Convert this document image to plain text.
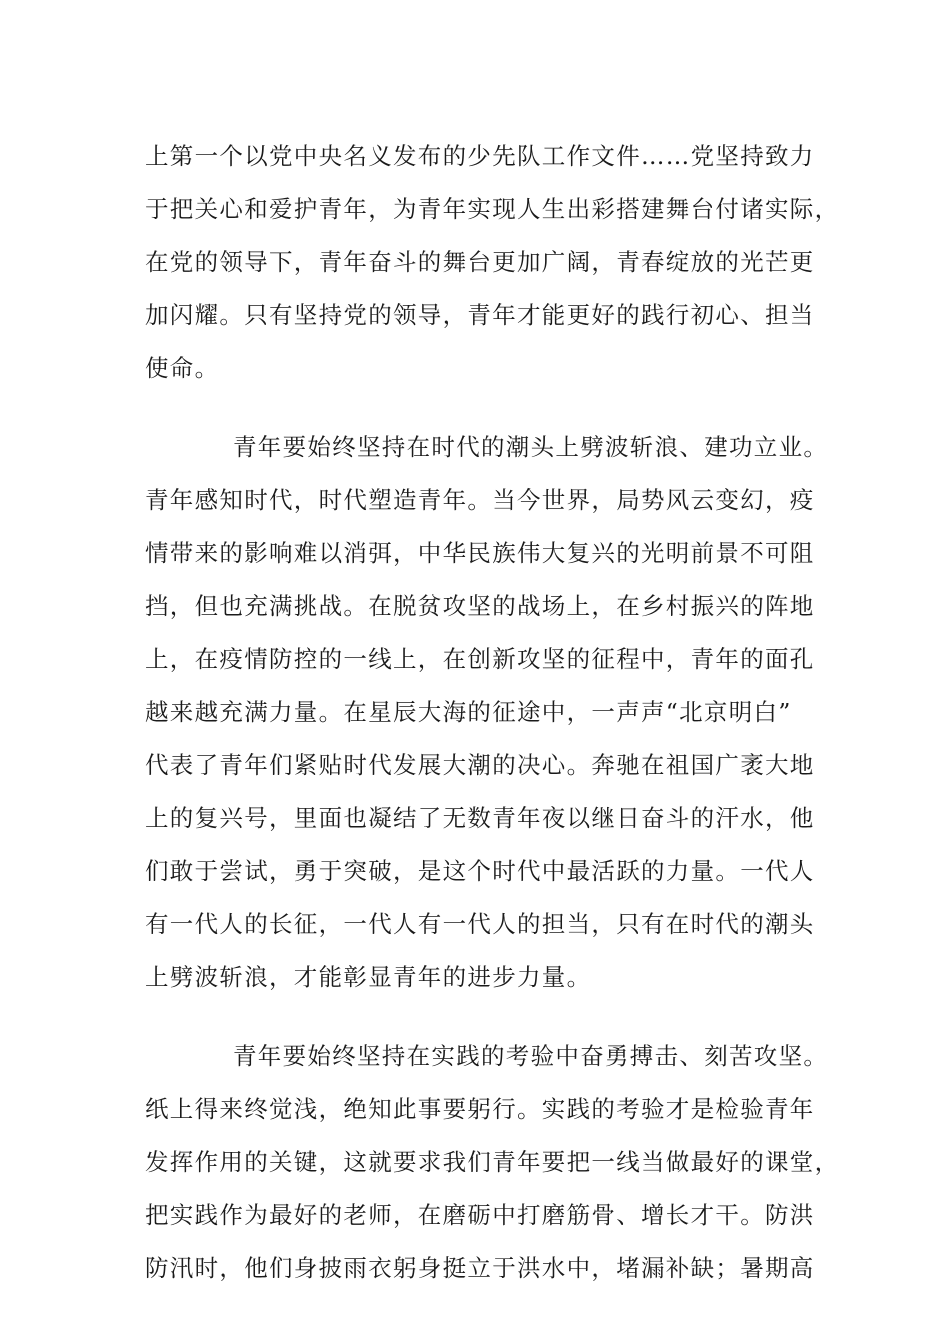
上第一个以党中央名义发布的少先队工作文件……党坚持致力
于把关心和爱护青年，为青年实现人生出彩搭建舞台付诸实际，
在党的领导下，青年奋斗的舞台更加广阔，青春绽放的光芒更
加闪耀。只有坚持党的领导，青年才能更好的践行初心、担当
使命。
青年要始终坚持在时代的潮头上劈波斩浪、建功立业。
青年感知时代，时代塑造青年。当今世界，局势风云变幻，疫
情带来的影响难以消弭，中华民族伟大复兴的光明前景不可阻
挡，但也充满挑战。在脱贫攻坚的战场上，在乡村振兴的阵地
上，在疫情防控的一线上，在创新攻坚的征程中，青年的面孔
越来越充满力量。在星辰大海的征途中，一声声“北京明白”
代表了青年们紧贴时代发展大潮的决心。奔驰在祖国广袤大地
上的复兴号，里面也凝结了无数青年夜以继日奋斗的汗水，他
们敢于尝试，勇于突破，是这个时代中最活跃的力量。一代人
有一代人的长征，一代人有一代人的担当，只有在时代的潮头
上劈波斩浪，才能彰显青年的进步力量。
青年要始终坚持在实践的考验中奋勇搏击、刻苦攻坚。
纸上得来终觉浅，绝知此事要躬行。实践的考验才是检验青年
发挥作用的关键，这就要求我们青年要把一线当做最好的课堂，
把实践作为最好的老师，在磨砺中打磨筋骨、增长才干。防洪
防汛时，他们身披雨衣躬身挺立于洪水中，堵漏补缺；暑期高
